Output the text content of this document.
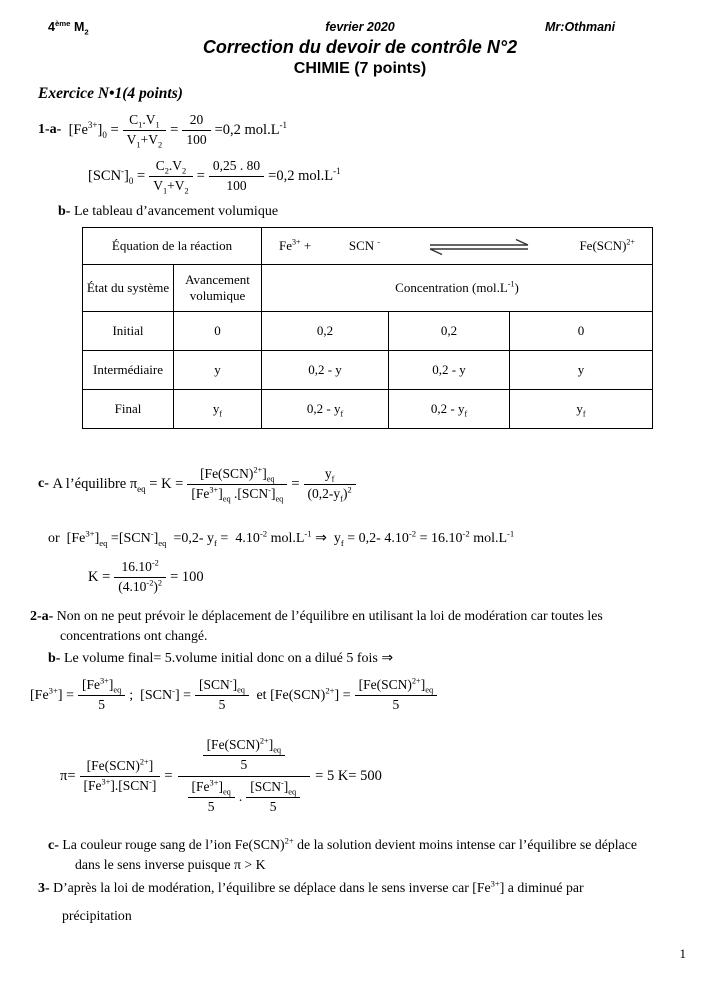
4ème $M_2$	fevrier 2020	Mr:Othmani
Correction du devoir de contrôle N°2
CHIMIE (7 points)
Exercice N•1(4 points)
1-a-
$[Fe^{3+}]_0 = \frac{C_1.V_1}{V_1+V_2} = \frac{20}{100} =0,2$ $mol.L^{-1}$
$[SCN^-]_0 = \frac{C_2.V_2}{V_1+V_2} = \frac{0,25 . 80}{100} =0,2$ $mol.L^{-1}$
b- Le tableau d’avancement volumique
Équation de la réaction		$Fe^{3+}$ + SCN - Fe(SCN)$^{2+}$

État du système	Avancement volumique	Concentration $(mol.L^{-1})$		
Initial	0	0,2	0,2	0
Intermédiaire	y	0,2 - y	0,2 - y	y
Final	$y_f$	$0,2 - y_f$	$0,2 - y_f$	$y_f$
c-
A l’équilibre $\pi_{eq} = K = \frac{[Fe(SCN)^{2+}]_{eq}}{[Fe^{3+}]_{eq} .[SCN^-]_{eq}} = \frac{y_f}{(0,2-y_f)^2}$
or  $[Fe^{3+}]_{eq} =[SCN^-]_{eq} =0,2-$ $y_f = 4.10^{-2}$ $mol.L^{-1}$ ⇒  $y_f = 0,2-$ $4.10^{-2} = 16.10^{-2}$ $mol.L^{-1}$
$K = \frac{16.10^{-2}}{(4.10^{-2})^2} = 100$
2-a- Non on ne peut prévoir le déplacement de l’équilibre en utilisant la loi de modération car toutes les
concentrations ont changé.
b- Le volume final= 5.volume initial donc on a dilué 5 fois ⇒
$[Fe^{3+}] = \frac{[Fe^{3+}]_{eq}}{5}$ ;
$[SCN^-] = \frac{[SCN^-]_{eq}}{5}$ et $[Fe(SCN)^{2+}] = \frac{[Fe(SCN)^{2+}]_{eq}}{5}$
$\pi= \frac{[Fe(SCN)^{2+}]}{[Fe^{3+}].[SCN^-]}$ =
$\frac{[Fe(SCN)^{2+}]_{eq}}{5}$
$\frac{[Fe^{3+}]_{eq}}{5}$ . $\frac{[SCN^-]_{eq}}{5}$
= 5 K= 500
c- La couleur rouge sang de l’ion Fe(SCN)$^{2+}$ de la solution devient moins intense car l’équilibre se déplace
dans le sens inverse puisque π > K
3- D’après la loi de modération, l’équilibre se déplace dans le sens inverse car $[Fe^{3+}]$ a diminué par
précipitation
1
